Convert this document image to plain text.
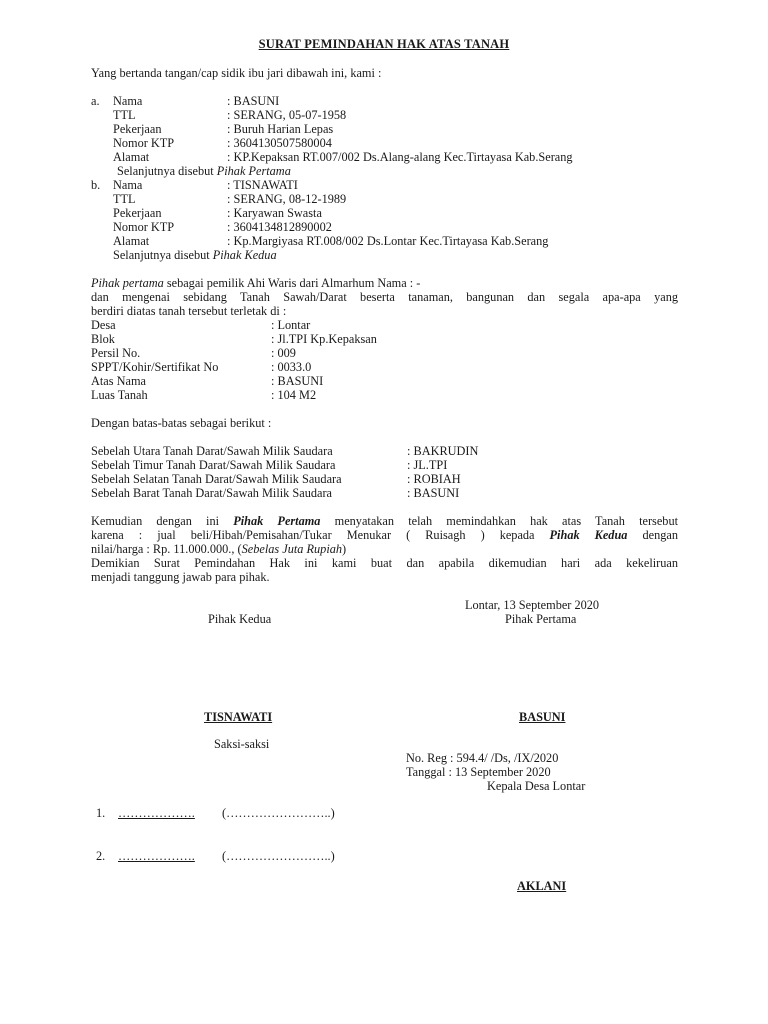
SURAT PEMINDAHAN HAK ATAS TANAH
Yang bertanda tangan/cap sidik ibu jari dibawah ini, kami :
a. Nama	: BASUNI
TTL	: SERANG, 05-07-1958
Pekerjaan	: Buruh Harian Lepas
Nomor KTP	: 3604130507580004
Alamat	: KP.Kepaksan RT.007/002 Ds.Alang-alang Kec.Tirtayasa Kab.Serang
Selanjutnya disebut Pihak Pertama
b. Nama	: TISNAWATI
TTL	: SERANG, 08-12-1989
Pekerjaan	: Karyawan Swasta
Nomor KTP	: 3604134812890002
Alamat	: Kp.Margiyasa RT.008/002 Ds.Lontar Kec.Tirtayasa Kab.Serang
Selanjutnya disebut Pihak Kedua
Pihak pertama sebagai pemilik Ahi Waris dari Almarhum Nama : -
dan mengenai sebidang Tanah Sawah/Darat beserta tanaman, bangunan dan segala apa-apa yang
berdiri diatas tanah tersebut terletak di :
Desa	: Lontar
Blok	: Jl.TPI Kp.Kepaksan
Persil No.	: 009
SPPT/Kohir/Sertifikat No	: 0033.0
Atas Nama	: BASUNI
Luas Tanah	: 104 M2
Dengan batas-batas sebagai berikut :
Sebelah Utara Tanah Darat/Sawah Milik Saudara	: BAKRUDIN
Sebelah Timur Tanah Darat/Sawah Milik Saudara	: JL.TPI
Sebelah Selatan Tanah Darat/Sawah Milik Saudara	: ROBIAH
Sebelah Barat Tanah Darat/Sawah Milik Saudara	: BASUNI
Kemudian dengan ini Pihak Pertama menyatakan telah memindahkan hak atas Tanah tersebut
karena : jual beli/Hibah/Pemisahan/Tukar Menukar ( Ruisagh ) kepada Pihak Kedua dengan
nilai/harga : Rp. 11.000.000., (Sebelas Juta Rupiah)
Demikian Surat Pemindahan Hak ini kami buat dan apabila dikemudian hari ada kekeliruan
menjadi tanggung jawab para pihak.
Lontar, 13 September 2020
Pihak Kedua	Pihak Pertama
TISNAWATI	BASUNI
Saksi-saksi
No. Reg : 594.4/ /Ds, /IX/2020
Tanggal : 13 September 2020
Kepala Desa Lontar
1. ………………. (……………………..)
2. ………………. (……………………..)
AKLANI
